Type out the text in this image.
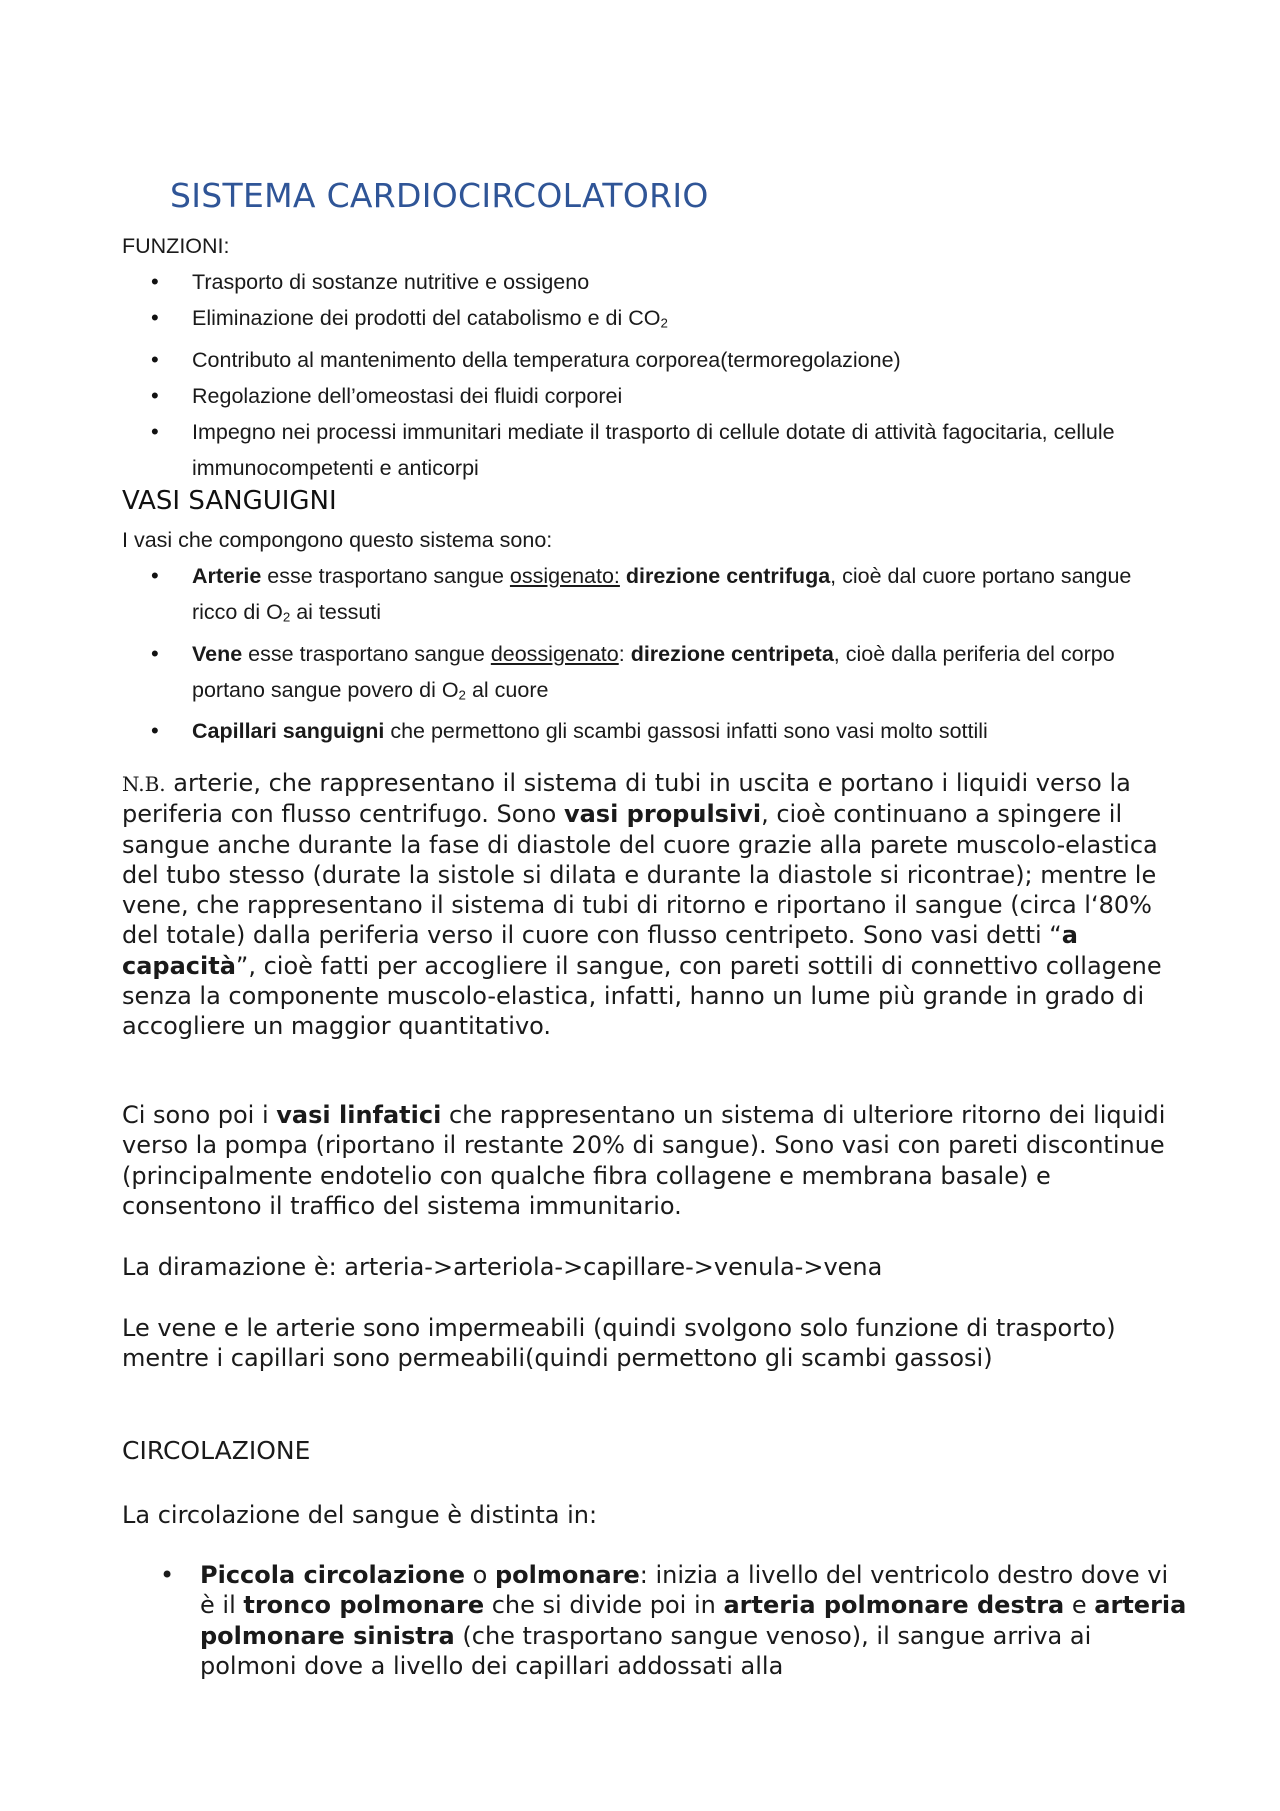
SISTEMA CARDIOCIRCOLATORIO

FUNZIONI:

• Trasporto di sostanze nutritive e ossigeno
• Eliminazione dei prodotti del catabolismo e di CO2
• Contributo al mantenimento della temperatura corporea(termoregolazione)
• Regolazione dell’omeostasi dei fluidi corporei
• Impegno nei processi immunitari mediate il trasporto di cellule dotate di attività fagocitaria, cellule immunocompetenti e anticorpi
VASI SANGUIGNI

I vasi che compongono questo sistema sono:

• Arterie esse trasportano sangue ossigenato: direzione centrifuga, cioè dal cuore portano sangue ricco di O2 ai tessuti
• Vene esse trasportano sangue deossigenato: direzione centripeta, cioè dalla periferia del corpo portano sangue povero di O2 al cuore
• Capillari sanguigni che permettono gli scambi gassosi infatti sono vasi molto sottili

N.B. arterie, che rappresentano il sistema di tubi in uscita e portano i liquidi verso la periferia con flusso centrifugo. Sono vasi propulsivi, cioè continuano a spingere il sangue anche durante la fase di diastole del cuore grazie alla parete muscolo-elastica del tubo stesso (durate la sistole si dilata e durante la diastole si ricontrae); mentre le vene, che rappresentano il sistema di tubi di ritorno e riportano il sangue (circa l‘80% del totale) dalla periferia verso il cuore con flusso centripeto. Sono vasi detti “a capacità”, cioè fatti per accogliere il sangue, con pareti sottili di connettivo collagene senza la componente muscolo-elastica, infatti, hanno un lume più grande in grado di accogliere un maggior quantitativo.

Ci sono poi i vasi linfatici che rappresentano un sistema di ulteriore ritorno dei liquidi verso la pompa (riportano il restante 20% di sangue). Sono vasi con pareti discontinue (principalmente endotelio con qualche fibra collagene e membrana basale) e consentono il traffico del sistema immunitario.

La diramazione è: arteria->arteriola->capillare->venula->vena

Le vene e le arterie sono impermeabili (quindi svolgono solo funzione di trasporto) mentre i capillari sono permeabili(quindi permettono gli scambi gassosi)

CIRCOLAZIONE

La circolazione del sangue è distinta in:

• Piccola circolazione o polmonare: inizia a livello del ventricolo destro dove vi è il tronco polmonare che si divide poi in arteria polmonare destra e arteria polmonare sinistra (che trasportano sangue venoso), il sangue arriva ai polmoni dove a livello dei capillari addossati alla
